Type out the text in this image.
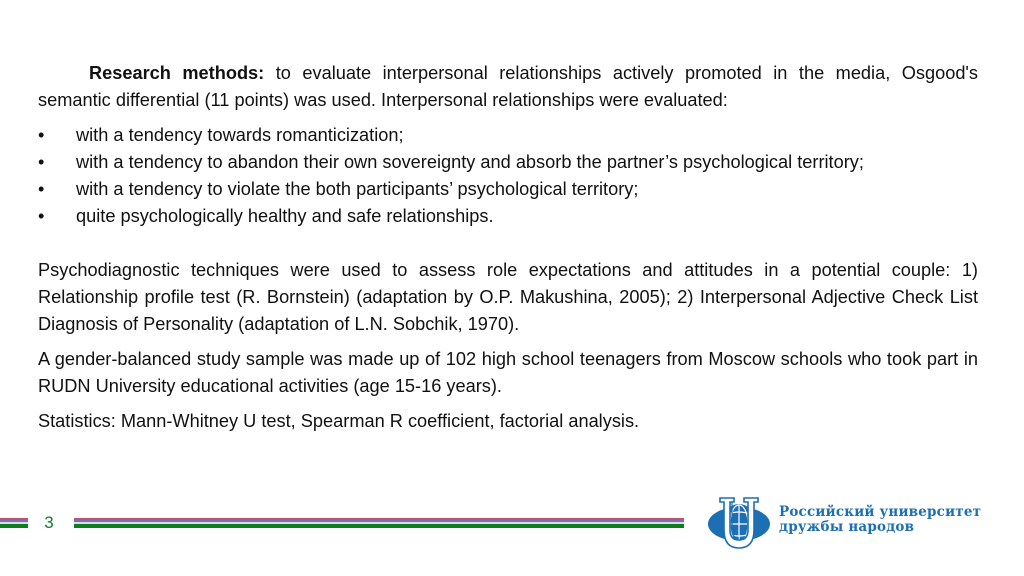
Research methods: to evaluate interpersonal relationships actively promoted in the media, Osgood's semantic differential (11 points) was used. Interpersonal relationships were evaluated:

• with a tendency towards romanticization;
• with a tendency to abandon their own sovereignty and absorb the partner’s psychological territory;
• with a tendency to violate the both participants’ psychological territory;
• quite psychologically healthy and safe relationships.

Psychodiagnostic techniques were used to assess role expectations and attitudes in a potential couple: 1) Relationship profile test (R. Bornstein) (adaptation by O.P. Makushina, 2005); 2) Interpersonal Adjective Check List Diagnosis of Personality (adaptation of L.N. Sobchik, 1970).

A gender-balanced study sample was made up of 102 high school teenagers from Moscow schools who took part in RUDN University educational activities (age 15-16 years).

Statistics: Mann-Whitney U test, Spearman R coefficient, factorial analysis.

3
Российский университет
дружбы народов
